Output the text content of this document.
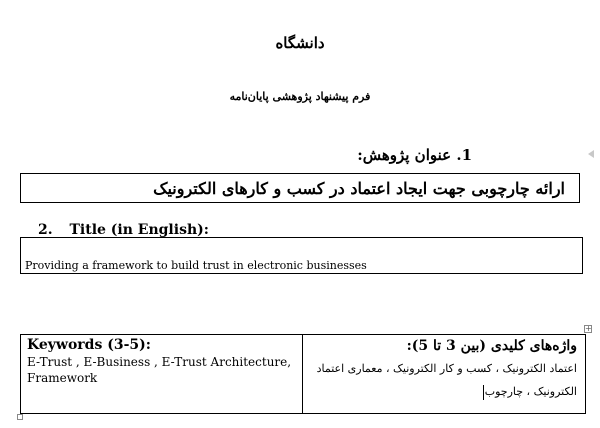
دانشگاه
فرم پیشنهاد پژوهشی پایان‌نامه
1. عنوان پژوهش:
ارائه چارچوبی جهت ایجاد اعتماد در کسب و کارهای الکترونیک
2. Title (in English):
Providing a framework to build trust in electronic businesses
+
Keywords (3-5):
E-Trust , E-Business , E-Trust Architecture, Framework
واژه‌های کلیدی (بین 3 تا 5):
اعتماد الکترونیک ، کسب و کار الکترونیک ، معماری اعتماد الکترونیک ، چارچوب
